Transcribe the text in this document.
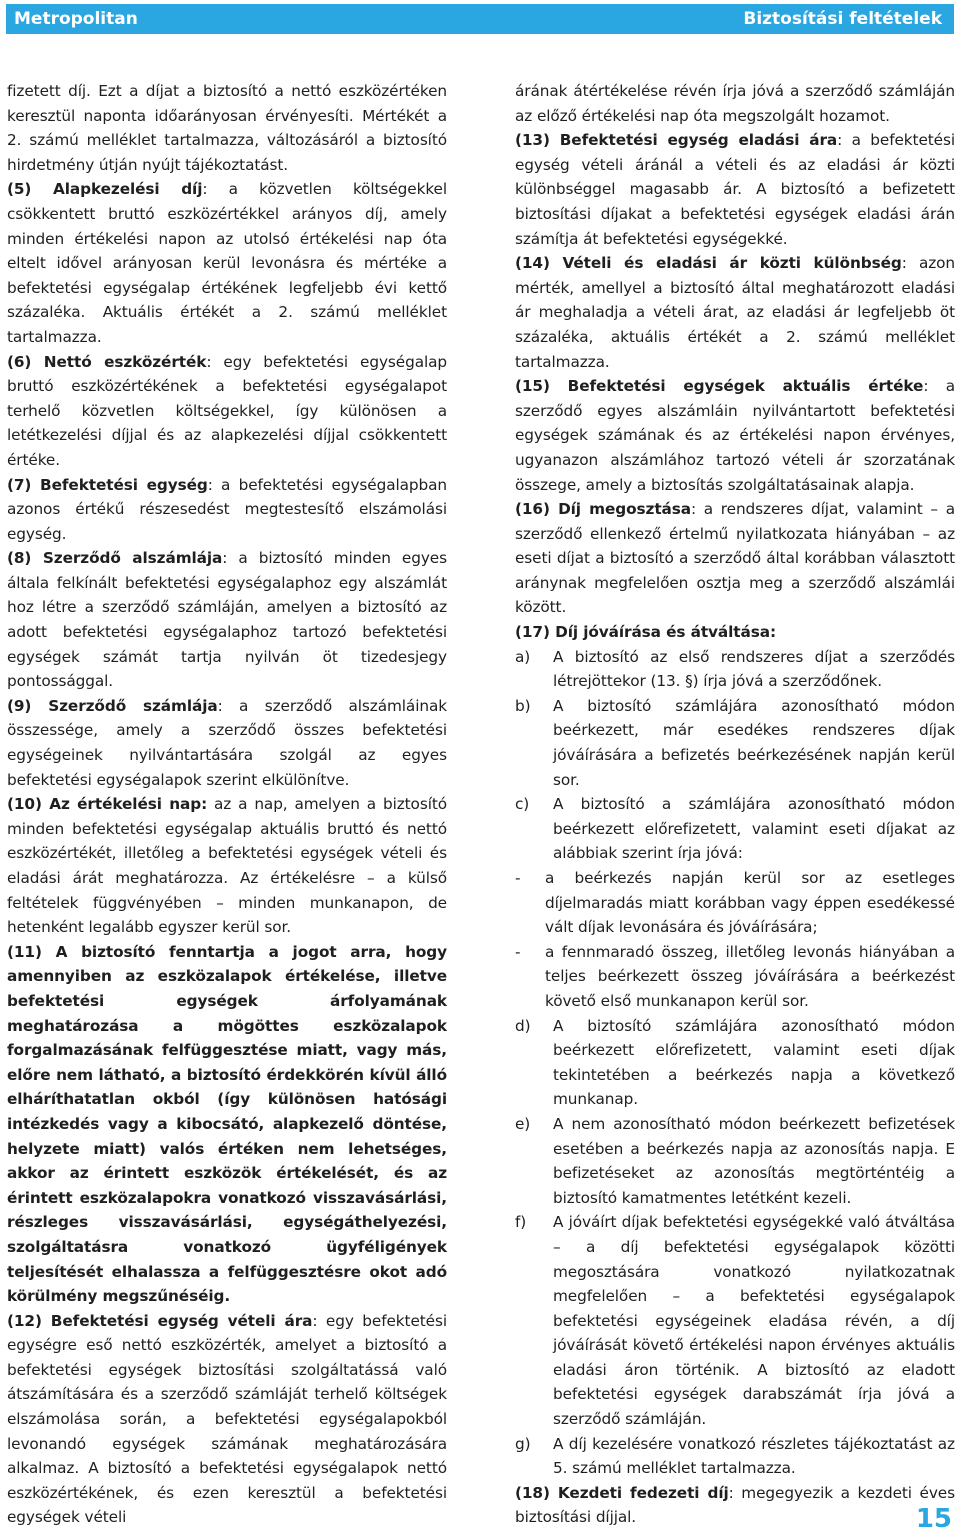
Metropolitan	Biztosítási feltételek

fizetett díj. Ezt a díjat a biztosító a nettó eszközértéken keresztül naponta időarányosan érvényesíti. Mértékét a 2. számú melléklet tartalmazza, változásáról a biztosító hirdetmény útján nyújt tájékoztatást.

(5) Alapkezelési díj: a közvetlen költségekkel csökkentett bruttó eszközértékkel arányos díj, amely minden értékelési napon az utolsó értékelési nap óta eltelt idővel arányosan kerül levonásra és mértéke a befektetési egységalap értékének legfeljebb évi kettő százaléka. Aktuális értékét a 2. számú melléklet tartalmazza.

(6) Nettó eszközérték: egy befektetési egységalap bruttó eszközértékének a befektetési egységalapot terhelő közvetlen költségekkel, így különösen a letétkezelési díjjal és az alapkezelési díjjal csökkentett értéke.

(7) Befektetési egység: a befektetési egységalapban azonos értékű részesedést megtestesítő elszámolási egység.

(8) Szerződő alszámlája: a biztosító minden egyes általa felkínált befektetési egységalaphoz egy alszámlát hoz létre a szerződő számláján, amelyen a biztosító az adott befektetési egységalaphoz tartozó befektetési egységek számát tartja nyilván öt tizedesjegy pontossággal.

(9) Szerződő számlája: a szerződő alszámláinak összessége, amely a szerződő összes befektetési egységeinek nyilvántartására szolgál az egyes befektetési egységalapok szerint elkülönítve.

(10) Az értékelési nap: az a nap, amelyen a biztosító minden befektetési egységalap aktuális bruttó és nettó eszközértékét, illetőleg a befektetési egységek vételi és eladási árát meghatározza. Az értékelésre – a külső feltételek függvényében – minden munkanapon, de hetenként legalább egyszer kerül sor.

(11) A biztosító fenntartja a jogot arra, hogy amennyiben az eszközalapok értékelése, illetve befektetési egységek árfolyamának meghatározása a mögöttes eszközalapok forgalmazásának felfüggesztése miatt, vagy más, előre nem látható, a biztosító érdekkörén kívül álló elháríthatatlan okból (így különösen hatósági intézkedés vagy a kibocsátó, alapkezelő döntése, helyzete miatt) valós értéken nem lehetséges, akkor az érintett eszközök értékelését, és az érintett eszközalapokra vonatkozó visszavásárlási, részleges visszavásárlási, egységáthelyezési, szolgáltatásra vonatkozó ügyféligények teljesítését elhalassza a felfüggesztésre okot adó körülmény megszűnéséig.

(12) Befektetési egység vételi ára: egy befektetési egységre eső nettó eszközérték, amelyet a biztosító a befektetési egységek biztosítási szolgáltatássá való átszámítására és a szerződő számláját terhelő költségek elszámolása során, a befektetési egységalapokból levonandó egységek számának meghatározására alkalmaz. A biztosító a befektetési egységalapok nettó eszközértékének, és ezen keresztül a befektetési egységek vételi

árának átértékelése révén írja jóvá a szerződő számláján az előző értékelési nap óta megszolgált hozamot.

(13) Befektetési egység eladási ára: a befektetési egység vételi áránál a vételi és az eladási ár közti különbséggel magasabb ár. A biztosító a befizetett biztosítási díjakat a befektetési egységek eladási árán számítja át befektetési egységekké.

(14) Vételi és eladási ár közti különbség: azon mérték, amellyel a biztosító által meghatározott eladási ár meghaladja a vételi árat, az eladási ár legfeljebb öt százaléka, aktuális értékét a 2. számú melléklet tartalmazza.

(15) Befektetési egységek aktuális értéke: a szerződő egyes alszámláin nyilvántartott befektetési egységek számának és az értékelési napon érvényes, ugyanazon alszámlához tartozó vételi ár szorzatának összege, amely a biztosítás szolgáltatásainak alapja.

(16) Díj megosztása: a rendszeres díjat, valamint – a szerződő ellenkező értelmű nyilatkozata hiányában – az eseti díjat a biztosító a szerződő által korábban választott aránynak megfelelően osztja meg a szerződő alszámlái között.

(17) Díj jóváírása és átváltása:

a)	A biztosító az első rendszeres díjat a szerződés létrejöttekor (13. §) írja jóvá a szerződőnek.
b)	A biztosító számlájára azonosítható módon beérkezett, már esedékes rendszeres díjak jóváírására a befizetés beérkezésének napján kerül sor.
c)	A biztosító a számlájára azonosítható módon beérkezett előrefizetett, valamint eseti díjakat az alábbiak szerint írja jóvá:
-	a beérkezés napján kerül sor az esetleges díjelmaradás miatt korábban vagy éppen esedékessé vált díjak levonására és jóváírására;
-	a fennmaradó összeg, illetőleg levonás hiányában a teljes beérkezett összeg jóváírására a beérkezést követő első munkanapon kerül sor.
d)	A biztosító számlájára azonosítható módon beérkezett előrefizetett, valamint eseti díjak tekintetében a beérkezés napja a következő munkanap.
e)	A nem azonosítható módon beérkezett befizetések esetében a beérkezés napja az azonosítás napja. E befizetéseket az azonosítás megtörténtéig a biztosító kamatmentes letétként kezeli.
f)	A jóváírt díjak befektetési egységekké való átváltása – a díj befektetési egységalapok közötti megosztására vonatkozó nyilatkozatnak megfelelően – a befektetési egységalapok befektetési egységeinek eladása révén, a díj jóváírását követő értékelési napon érvényes aktuális eladási áron történik. A biztosító az eladott befektetési egységek darabszámát írja jóvá a szerződő számláján.
g)	A díj kezelésére vonatkozó részletes tájékoztatást az 5. számú melléklet tartalmazza.

(18) Kezdeti fedezeti díj: megegyezik a kezdeti éves biztosítási díjjal.	15
